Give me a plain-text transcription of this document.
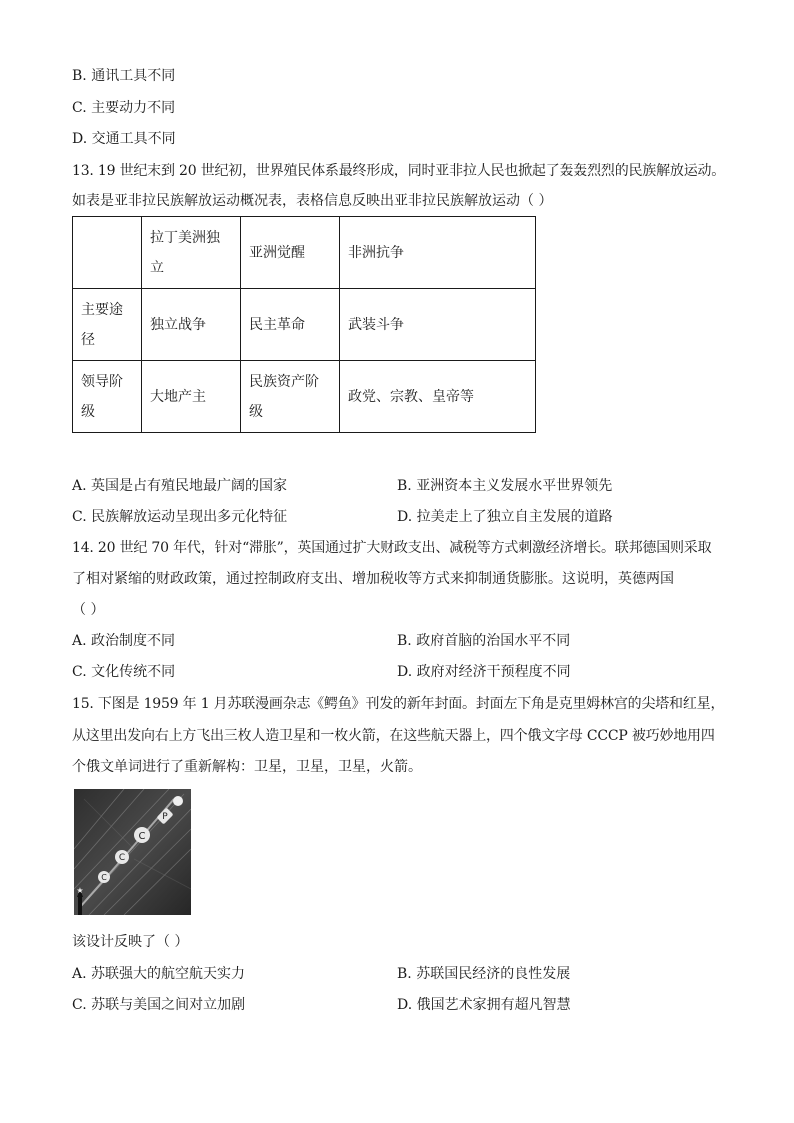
B. 通讯工具不同
C. 主要动力不同
D. 交通工具不同
13. 19 世纪末到 20 世纪初，世界殖民体系最终形成，同时亚非拉人民也掀起了轰轰烈烈的民族解放运动。
如表是亚非拉民族解放运动概况表，表格信息反映出亚非拉民族解放运动（ ）
	拉丁美洲独立	亚洲觉醒	非洲抗争
主要途径	独立战争	民主革命	武装斗争
领导阶级	大地产主	民族资产阶级	政党、宗教、皇帝等
A. 英国是占有殖民地最广阔的国家	B. 亚洲资本主义发展水平世界领先
C. 民族解放运动呈现出多元化特征	D. 拉美走上了独立自主发展的道路
14. 20 世纪 70 年代，针对“滞胀”，英国通过扩大财政支出、减税等方式刺激经济增长。联邦德国则采取
了相对紧缩的财政政策，通过控制政府支出、增加税收等方式来抑制通货膨胀。这说明，英德两国
（ ）
A. 政治制度不同	B. 政府首脑的治国水平不同
C. 文化传统不同	D. 政府对经济干预程度不同
15. 下图是 1959 年 1 月苏联漫画杂志《鳄鱼》刊发的新年封面。封面左下角是克里姆林宫的尖塔和红星，
从这里出发向右上方飞出三枚人造卫星和一枚火箭，在这些航天器上，四个俄文字母 CCCP 被巧妙地用四
个俄文单词进行了重新解构：卫星，卫星，卫星，火箭。
★
C
C
C
P
该设计反映了（ ）
A. 苏联强大的航空航天实力	B. 苏联国民经济的良性发展
C. 苏联与美国之间对立加剧	D. 俄国艺术家拥有超凡智慧
